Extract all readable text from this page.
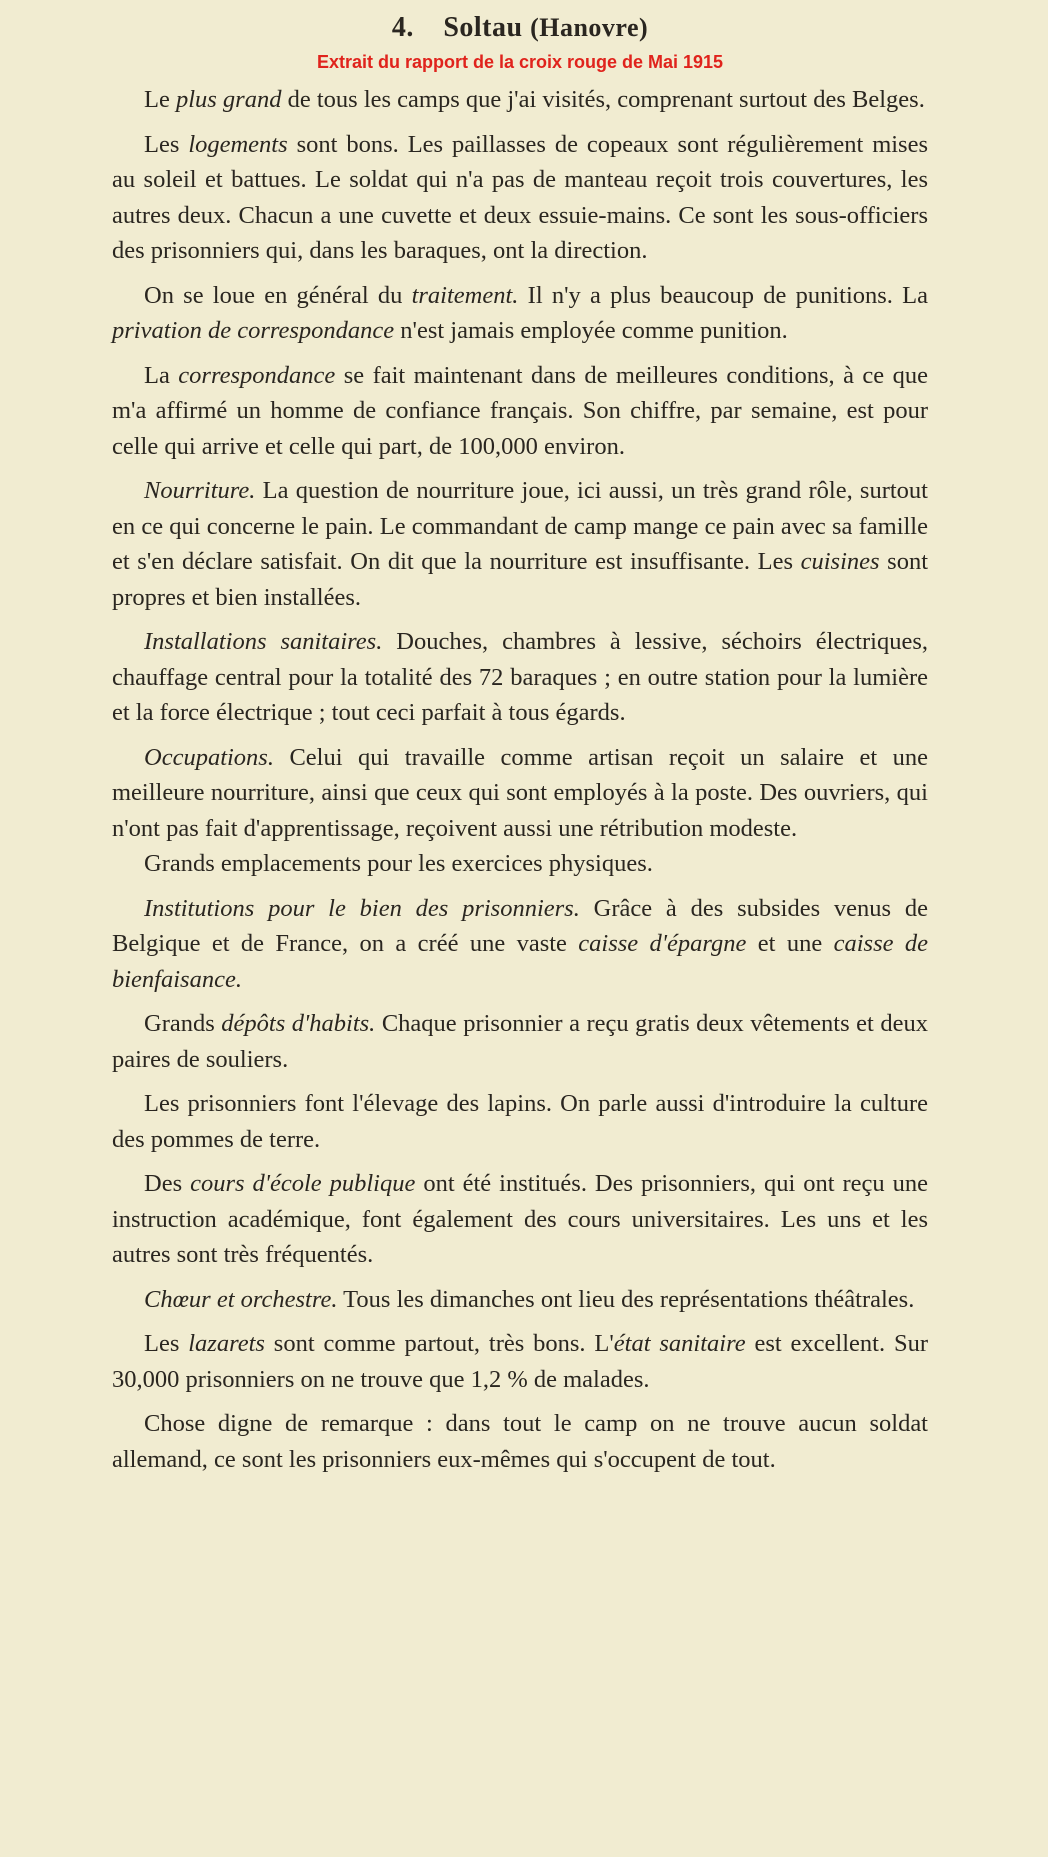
4. Soltau (Hanovre)

Extrait du rapport de la croix rouge de Mai 1915

Le plus grand de tous les camps que j'ai visités, comprenant surtout des Belges.

Les logements sont bons. Les paillasses de copeaux sont régulièrement mises au soleil et battues. Le soldat qui n'a pas de manteau reçoit trois couvertures, les autres deux. Chacun a une cuvette et deux essuie-mains. Ce sont les sous-officiers des prisonniers qui, dans les baraques, ont la direction.

On se loue en général du traitement. Il n'y a plus beaucoup de punitions. La privation de correspondance n'est jamais employée comme punition.

La correspondance se fait maintenant dans de meilleures conditions, à ce que m'a affirmé un homme de confiance français. Son chiffre, par semaine, est pour celle qui arrive et celle qui part, de 100,000 environ.

Nourriture. La question de nourriture joue, ici aussi, un très grand rôle, surtout en ce qui concerne le pain. Le commandant de camp mange ce pain avec sa famille et s'en déclare satisfait. On dit que la nourriture est insuffisante. Les cuisines sont propres et bien installées.

Installations sanitaires. Douches, chambres à lessive, séchoirs électriques, chauffage central pour la totalité des 72 baraques ; en outre station pour la lumière et la force électrique ; tout ceci parfait à tous égards.

Occupations. Celui qui travaille comme artisan reçoit un salaire et une meilleure nourriture, ainsi que ceux qui sont employés à la poste. Des ouvriers, qui n'ont pas fait d'apprentissage, reçoivent aussi une rétribution modeste.

Grands emplacements pour les exercices physiques.

Institutions pour le bien des prisonniers. Grâce à des subsides venus de Belgique et de France, on a créé une vaste caisse d'épargne et une caisse de bienfaisance.

Grands dépôts d'habits. Chaque prisonnier a reçu gratis deux vêtements et deux paires de souliers.

Les prisonniers font l'élevage des lapins. On parle aussi d'introduire la culture des pommes de terre.

Des cours d'école publique ont été institués. Des prisonniers, qui ont reçu une instruction académique, font également des cours universitaires. Les uns et les autres sont très fréquentés.

Chœur et orchestre. Tous les dimanches ont lieu des représentations théâtrales.

Les lazarets sont comme partout, très bons. L'état sanitaire est excellent. Sur 30,000 prisonniers on ne trouve que 1,2 % de malades.

Chose digne de remarque : dans tout le camp on ne trouve aucun soldat allemand, ce sont les prisonniers eux-mêmes qui s'occupent de tout.
